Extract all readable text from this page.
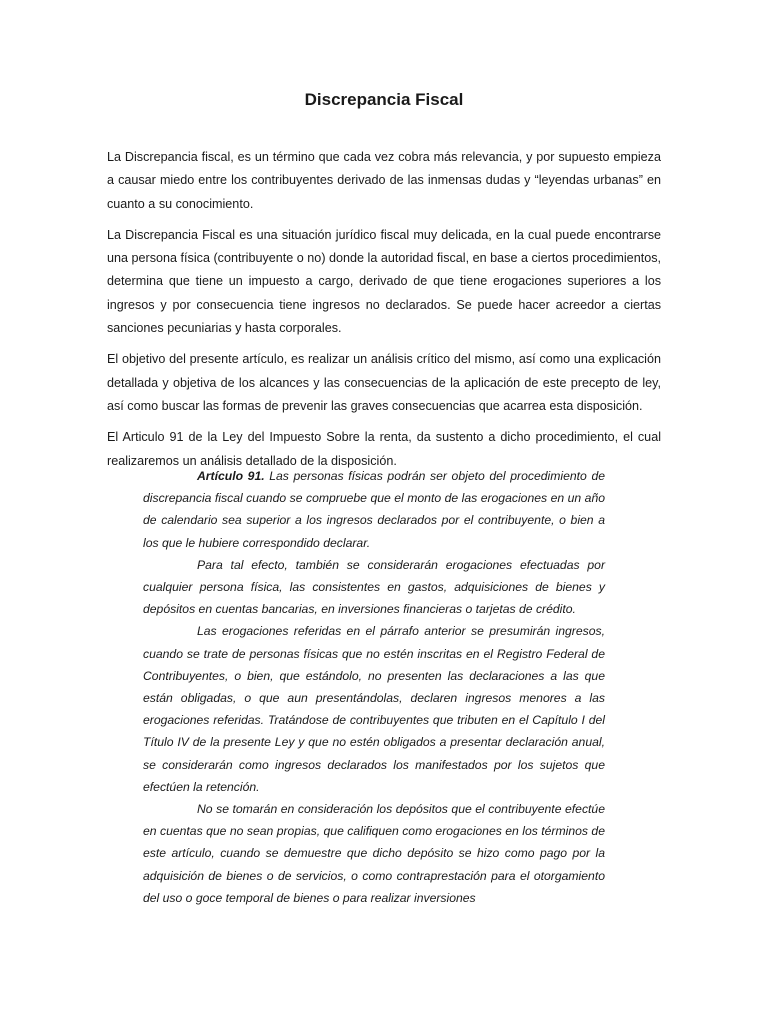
Discrepancia Fiscal

La Discrepancia fiscal, es un término que cada vez cobra más relevancia, y por supuesto empieza a causar miedo entre los contribuyentes derivado de las inmensas dudas y “leyendas urbanas” en cuanto a su conocimiento.

La Discrepancia Fiscal es una situación jurídico fiscal muy delicada, en la cual puede encontrarse una persona física (contribuyente o no) donde la autoridad fiscal, en base a ciertos procedimientos, determina que tiene un impuesto a cargo, derivado de que tiene erogaciones superiores a los ingresos y por consecuencia tiene ingresos no declarados. Se puede hacer acreedor a ciertas sanciones pecuniarias y hasta corporales.

El objetivo del presente artículo, es realizar un análisis crítico del mismo, así como una explicación detallada y objetiva de los alcances y las consecuencias de la aplicación de este precepto de ley, así como buscar las formas de prevenir las graves consecuencias que acarrea esta disposición.

El Articulo 91 de la Ley del Impuesto Sobre la renta, da sustento a dicho procedimiento, el cual realizaremos un análisis detallado de la disposición.

Artículo 91. Las personas físicas podrán ser objeto del procedimiento de discrepancia fiscal cuando se compruebe que el monto de las erogaciones en un año de calendario sea superior a los ingresos declarados por el contribuyente, o bien a los que le hubiere correspondido declarar.

Para tal efecto, también se considerarán erogaciones efectuadas por cualquier persona física, las consistentes en gastos, adquisiciones de bienes y depósitos en cuentas bancarias, en inversiones financieras o tarjetas de crédito.

Las erogaciones referidas en el párrafo anterior se presumirán ingresos, cuando se trate de personas físicas que no estén inscritas en el Registro Federal de Contribuyentes, o bien, que estándolo, no presenten las declaraciones a las que están obligadas, o que aun presentándolas, declaren ingresos menores a las erogaciones referidas. Tratándose de contribuyentes que tributen en el Capítulo I del Título IV de la presente Ley y que no estén obligados a presentar declaración anual, se considerarán como ingresos declarados los manifestados por los sujetos que efectúen la retención.

No se tomarán en consideración los depósitos que el contribuyente efectúe en cuentas que no sean propias, que califiquen como erogaciones en los términos de este artículo, cuando se demuestre que dicho depósito se hizo como pago por la adquisición de bienes o de servicios, o como contraprestación para el otorgamiento del uso o goce temporal de bienes o para realizar inversiones
